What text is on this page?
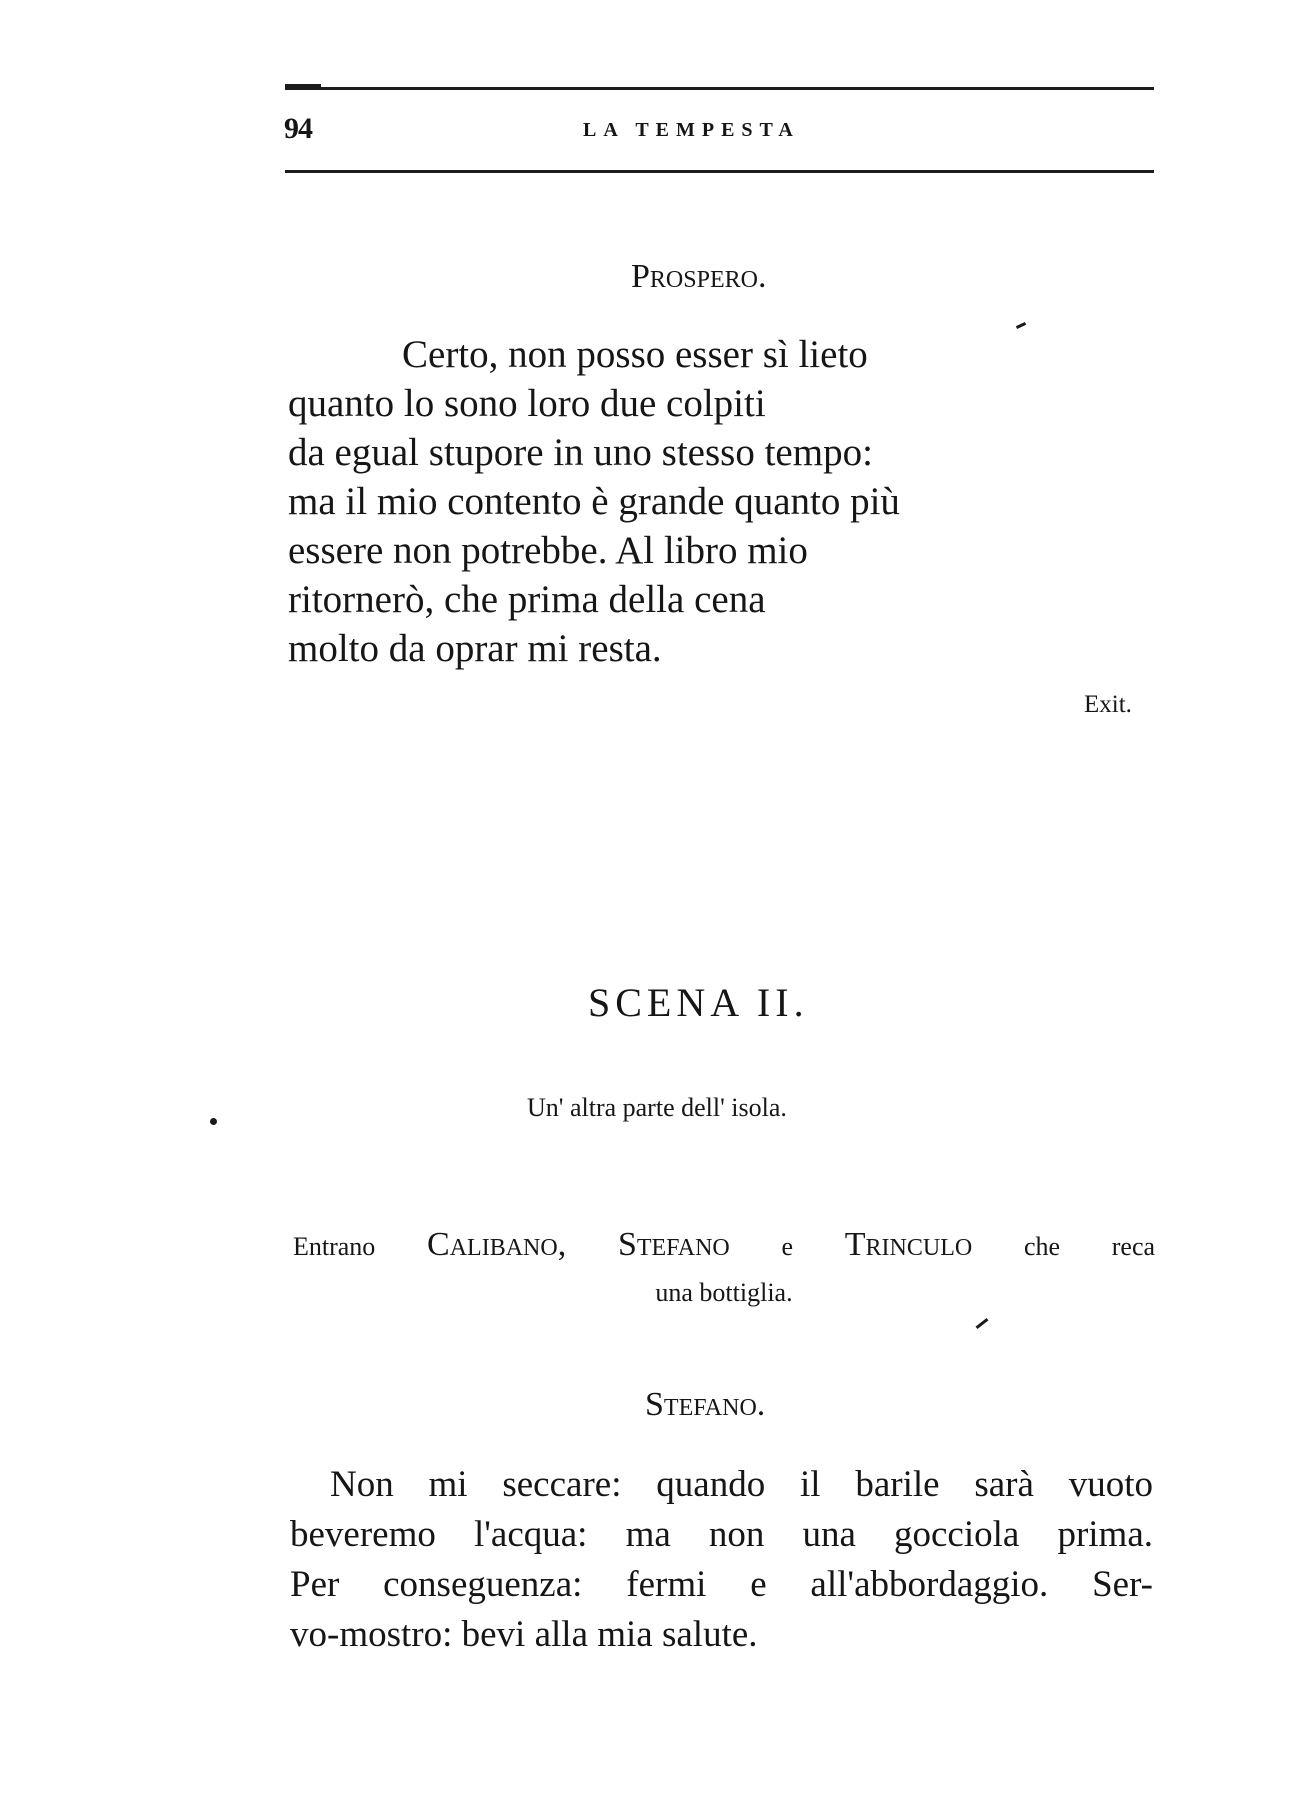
94	LA TEMPESTA
Prospero.
Certo, non posso esser sì lieto
quanto lo sono loro due colpiti
da egual stupore in uno stesso tempo:
ma il mio contento è grande quanto più
essere non potrebbe. Al libro mio
ritornerò, che prima della cena
molto da oprar mi resta.
Exit.
SCENA II.
Un' altra parte dell' isola.
Entrano Calibano, Stefano e Trinculo che reca
una bottiglia.
Stefano.
Non mi seccare: quando il barile sarà vuoto
beveremo l'acqua: ma non una gocciola prima.
Per conseguenza: fermi e all'abbordaggio. Ser-
vo-mostro: bevi alla mia salute.
